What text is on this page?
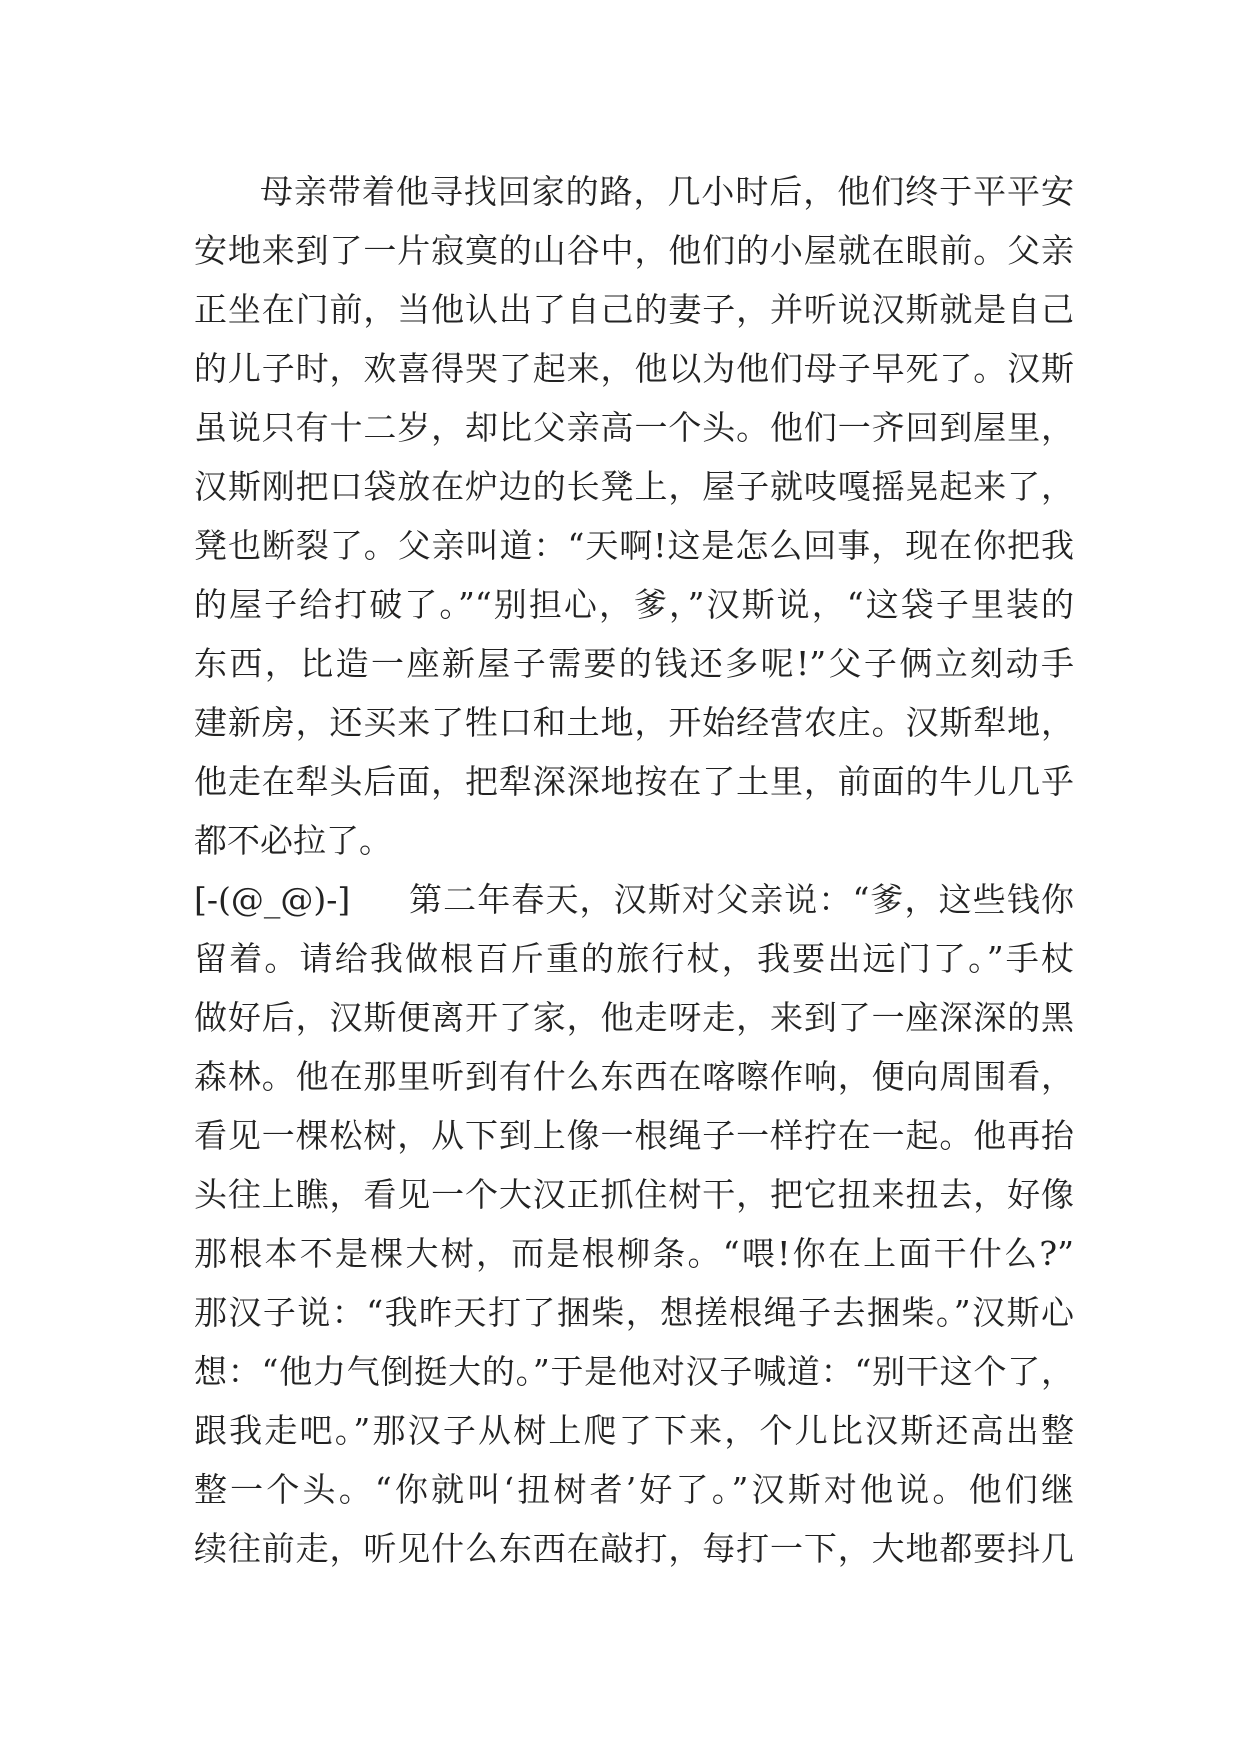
母亲带着他寻找回家的路，几小时后，他们终于平平安
安地来到了一片寂寞的山谷中，他们的小屋就在眼前。父亲
正坐在门前，当他认出了自己的妻子，并听说汉斯就是自己
的儿子时，欢喜得哭了起来，他以为他们母子早死了。汉斯
虽说只有十二岁，却比父亲高一个头。他们一齐回到屋里，
汉斯刚把口袋放在炉边的长凳上，屋子就吱嘎摇晃起来了，
凳也断裂了。父亲叫道：“天啊!这是怎么回事，现在你把我
的屋子给打破了。”“别担心，爹，”汉斯说，“这袋子里装的
东西，比造一座新屋子需要的钱还多呢!”父子俩立刻动手
建新房，还买来了牲口和土地，开始经营农庄。汉斯犁地，
他走在犁头后面，把犁深深地按在了土里，前面的牛儿几乎
都不必拉了。
[-(@_@)-] 第二年春天，汉斯对父亲说：“爹，这些钱你
留着。请给我做根百斤重的旅行杖，我要出远门了。”手杖
做好后，汉斯便离开了家，他走呀走，来到了一座深深的黑
森林。他在那里听到有什么东西在喀嚓作响，便向周围看，
看见一棵松树，从下到上像一根绳子一样拧在一起。他再抬
头往上瞧，看见一个大汉正抓住树干，把它扭来扭去，好像
那根本不是棵大树，而是根柳条。“喂!你在上面干什么?”
那汉子说：“我昨天打了捆柴，想搓根绳子去捆柴。”汉斯心
想：“他力气倒挺大的。”于是他对汉子喊道：“别干这个了，
跟我走吧。”那汉子从树上爬了下来，个儿比汉斯还高出整
整一个头。“你就叫‘扭树者’好了。”汉斯对他说。他们继
续往前走，听见什么东西在敲打，每打一下，大地都要抖几
